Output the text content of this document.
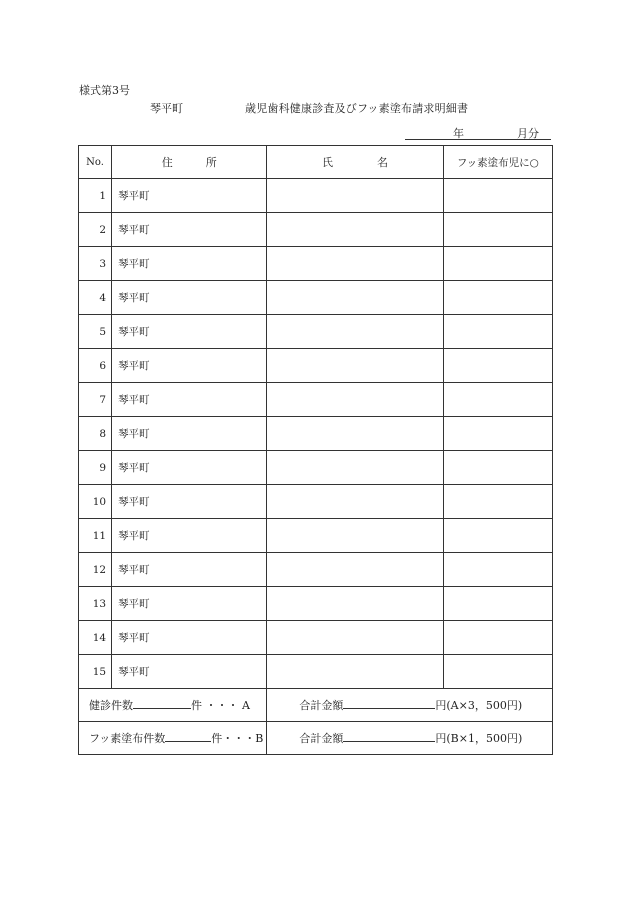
様式第3号
琴平町	歳児歯科健康診査及びフッ素塗布請求明細書
年	月分
No.	住　　　所	氏　　　　名	フッ素塗布児に○
1	琴平町		
2	琴平町		
3	琴平町		
4	琴平町		
5	琴平町		
6	琴平町		
7	琴平町		
8	琴平町		
9	琴平町		
10	琴平町		
11	琴平町		
12	琴平町		
13	琴平町		
14	琴平町		
15	琴平町		
健診件数 件 ・・・ A		合計金額 円(A×3，500円)	
フッ素塗布件数 件・・・B		合計金額 円(B×1，500円)	
